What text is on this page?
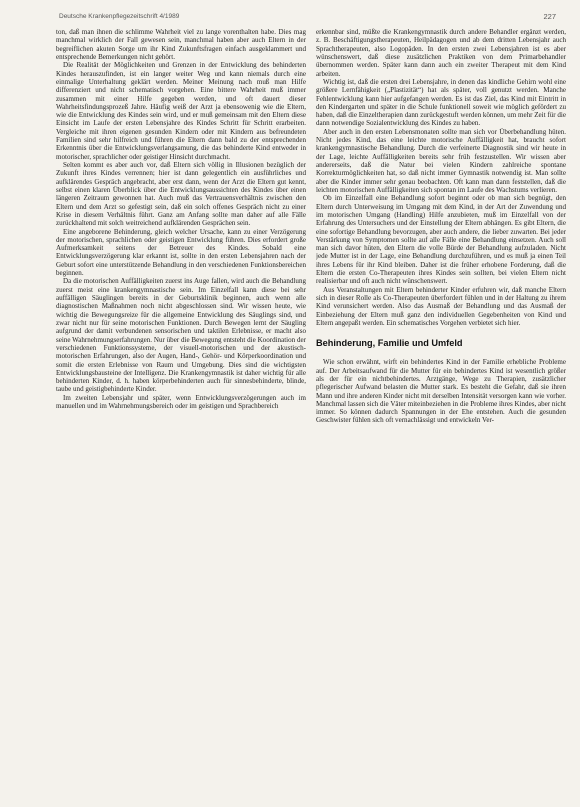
Deutsche Krankenpflegezeitschrift 4/1989	227

ton, daß man ihnen die schlimme Wahrheit viel zu lange vorenthalten habe. Dies mag manchmal wirklich der Fall gewesen sein, manchmal haben aber auch Eltern in der begreiflichen akuten Sorge um ihr Kind Zukunftsfragen einfach ausgeklammert und entsprechende Bemerkungen nicht gehört.

Die Realität der Möglichkeiten und Grenzen in der Entwicklung des behinderten Kindes herauszufinden, ist ein langer weiter Weg und kann niemals durch eine einmalige Unterhaltung geklärt werden. Meiner Meinung nach muß man Hilfe differenziert und nicht schematisch vorgehen. Eine bittere Wahrheit muß immer zusammen mit einer Hilfe gegeben werden, und oft dauert dieser Wahrheitsfindungsprozeß Jahre. Häufig weiß der Arzt ja ebensowenig wie die Eltern, wie die Entwicklung des Kindes sein wird, und er muß gemeinsam mit den Eltern diese Einsicht im Laufe der ersten Lebensjahre des Kindes Schritt für Schritt erarbeiten. Vergleiche mit ihren eigenen gesunden Kindern oder mit Kindern aus befreundeten Familien sind sehr hilfreich und führen die Eltern dann bald zu der entsprechenden Erkenntnis über die Entwicklungsverlangsamung, die das behinderte Kind entweder in motorischer, sprachlicher oder geistiger Hinsicht durchmacht.

Selten kommt es aber auch vor, daß Eltern sich völlig in Illusionen bezüglich der Zukunft ihres Kindes verrennen; hier ist dann gelegentlich ein ausführliches und aufklärendes Gespräch angebracht, aber erst dann, wenn der Arzt die Eltern gut kennt, selbst einen klaren Überblick über die Entwicklungsaussichten des Kindes über einen längeren Zeitraum gewonnen hat. Auch muß das Vertrauensverhältnis zwischen den Eltern und dem Arzt so gefestigt sein, daß ein solch offenes Gespräch nicht zu einer Krise in diesem Verhältnis führt. Ganz am Anfang sollte man daher auf alle Fälle zurückhaltend mit solch weitreichend aufklärenden Gesprächen sein.

Eine angeborene Behinderung, gleich welcher Ursache, kann zu einer Verzögerung der motorischen, sprachlichen oder geistigen Entwicklung führen. Dies erfordert große Aufmerksamkeit seitens der Betreuer des Kindes. Sobald eine Entwicklungsverzögerung klar erkannt ist, sollte in den ersten Lebensjahren nach der Geburt sofort eine unterstützende Behandlung in den verschiedenen Funktionsbereichen beginnen.

Da die motorischen Auffälligkeiten zuerst ins Auge fallen, wird auch die Behandlung zuerst meist eine krankengymnastische sein. Im Einzelfall kann diese bei sehr auffälligen Säuglingen bereits in der Geburtsklinik beginnen, auch wenn alle diagnostischen Maßnahmen noch nicht abgeschlossen sind. Wir wissen heute, wie wichtig die Bewegungsreize für die allgemeine Entwicklung des Säuglings sind, und zwar nicht nur für seine motorischen Funktionen. Durch Bewegen lernt der Säugling aufgrund der damit verbundenen sensorischen und taktilen Erlebnisse, er macht also seine Wahrnehmungserfahrungen. Nur über die Bewegung entsteht die Koordination der verschiedenen Funktionssysteme, der visuell-motorischen und der akustisch-motorischen Erfahrungen, also der Augen, Hand-, Gehör- und Körperkoordination und somit die ersten Erlebnisse von Raum und Umgebung. Dies sind die wichtigsten Entwicklungsbausteine der Intelligenz. Die Krankengymnastik ist daher wichtig für alle behinderten Kinder, d. h. haben körperbehinderten auch für sinnesbehinderte, blinde, taube und geistigbehinderte Kinder.

Im zweiten Lebensjahr und später, wenn Entwicklungsverzögerungen auch im manuellen und im Wahrnehmungsbereich oder im geistigen und Sprachbereich

erkennbar sind, müßte die Krankengymnastik durch andere Behandler ergänzt werden, z. B. Beschäftigungstherapeuten, Heilpädagogen und ab dem dritten Lebensjahr auch Sprachtherapeuten, also Logopäden. In den ersten zwei Lebensjahren ist es aber wünschenswert, daß diese zusätzlichen Praktiken von dem Primarbehandler übernommen werden. Später kann dann auch ein zweiter Therapeut mit dem Kind arbeiten.

Wichtig ist, daß die ersten drei Lebensjahre, in denen das kindliche Gehirn wohl eine größere Lernfähigkeit („Plastizität“) hat als später, voll genutzt werden. Manche Fehlentwicklung kann hier aufgefangen werden. Es ist das Ziel, das Kind mit Eintritt in den Kindergarten und später in die Schule funktionell soweit wie möglich gefördert zu haben, daß die Einzeltherapien dann zurückgestuft werden können, um mehr Zeit für die dann notwendige Sozialentwicklung des Kindes zu haben.

Aber auch in den ersten Lebensmonaten sollte man sich vor Überbehandlung hüten. Nicht jedes Kind, das eine leichte motorische Auffälligkeit hat, braucht sofort krankengymnastische Behandlung. Durch die verfeinerte Diagnostik sind wir heute in der Lage, leichte Auffälligkeiten bereits sehr früh festzustellen. Wir wissen aber andererseits, daß die Natur bei vielen Kindern zahlreiche spontane Korrekturmöglichkeiten hat, so daß nicht immer Gymnastik notwendig ist. Man sollte aber die Kinder immer sehr genau beobachten. Oft kann man dann feststellen, daß die leichten motorischen Auffälligkeiten sich spontan im Laufe des Wachstums verlieren.

Ob im Einzelfall eine Behandlung sofort beginnt oder ob man sich begnügt, den Eltern durch Unterweisung im Umgang mit dem Kind, in der Art der Zuwendung und im motorischen Umgang (Handling) Hilfe anzubieten, muß im Einzelfall von der Erfahrung des Untersuchers und der Einstellung der Eltern abhängen. Es gibt Eltern, die eine sofortige Behandlung bevorzugen, aber auch andere, die lieber zuwarten. Bei jeder Verstärkung von Symptomen sollte auf alle Fälle eine Behandlung einsetzen. Auch soll man sich davor hüten, den Eltern die volle Bürde der Behandlung aufzuladen. Nicht jede Mutter ist in der Lage, eine Behandlung durchzuführen, und es muß ja einen Teil ihres Lebens für ihr Kind bleiben. Daher ist die früher erhobene Forderung, daß die Eltern die ersten Co-Therapeuten ihres Kindes sein sollten, bei vielen Eltern nicht realisierbar und oft auch nicht wünschenswert.

Aus Veranstaltungen mit Eltern behinderter Kinder erfuhren wir, daß manche Eltern sich in dieser Rolle als Co-Therapeuten überfordert fühlen und in der Haltung zu ihrem Kind verunsichert werden. Also das Ausmaß der Behandlung und das Ausmaß der Einbeziehung der Eltern muß ganz den individuellen Gegebenheiten von Kind und Eltern angepaßt werden. Ein schematisches Vorgehen verbietet sich hier.

Behinderung, Familie und Umfeld

Wie schon erwähnt, wirft ein behindertes Kind in der Familie erhebliche Probleme auf. Der Arbeitsaufwand für die Mutter für ein behindertes Kind ist wesentlich größer als der für ein nichtbehindertes. Arztgänge, Wege zu Therapien, zusätzlicher pflegerischer Aufwand belasten die Mutter stark. Es besteht die Gefahr, daß sie ihren Mann und ihre anderen Kinder nicht mit derselben Intensität versorgen kann wie vorher. Manchmal lassen sich die Väter miteinbeziehen in die Probleme ihres Kindes, aber nicht immer. So können dadurch Spannungen in der Ehe entstehen. Auch die gesunden Geschwister fühlen sich oft vernachlässigt und entwickeln Ver-
